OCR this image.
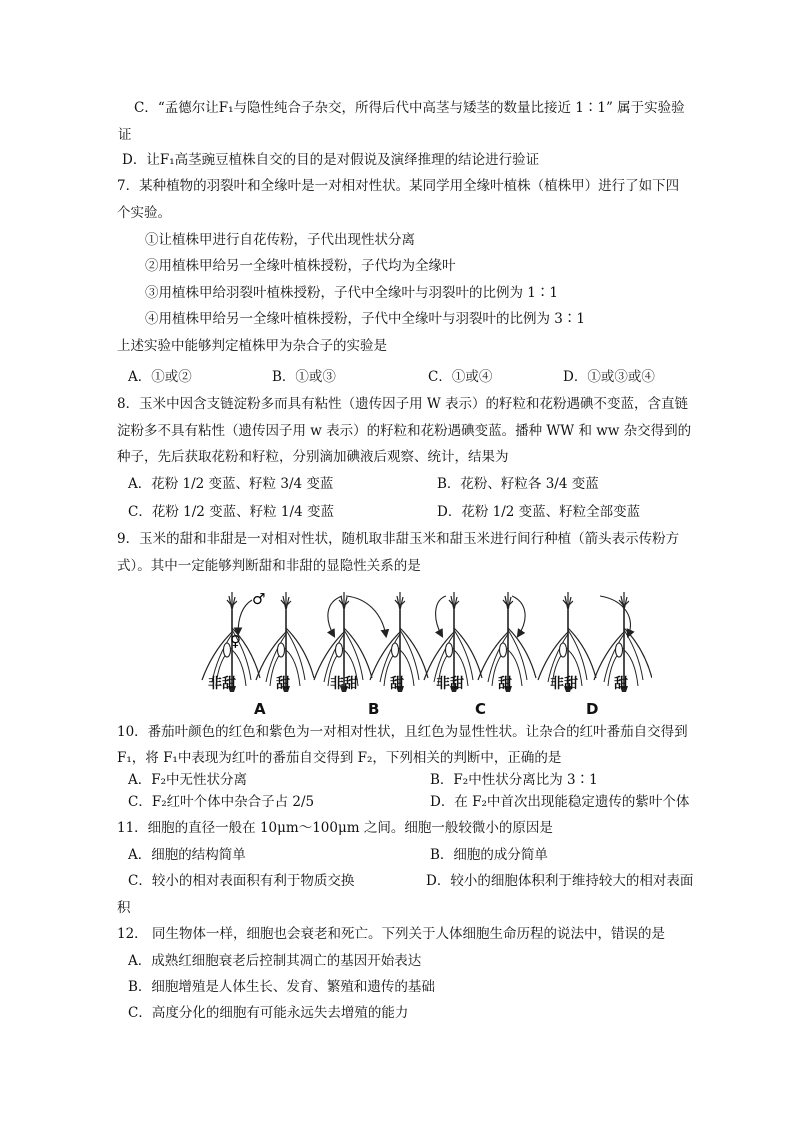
C．“孟德尔让F₁与隐性纯合子杂交，所得后代中高茎与矮茎的数量比接近 1∶1” 属于实验验
证
D．让F₁高茎豌豆植株自交的目的是对假说及演绎推理的结论进行验证
7．某种植物的羽裂叶和全缘叶是一对相对性状。某同学用全缘叶植株（植株甲）进行了如下四
个实验。
①让植株甲进行自花传粉，子代出现性状分离
②用植株甲给另一全缘叶植株授粉，子代均为全缘叶
③用植株甲给羽裂叶植株授粉，子代中全缘叶与羽裂叶的比例为 1∶1
④用植株甲给另一全缘叶植株授粉，子代中全缘叶与羽裂叶的比例为 3∶1
上述实验中能够判定植株甲为杂合子的实验是
A．①或②	B．①或③	C．①或④	D．①或③或④
8．玉米中因含支链淀粉多而具有粘性（遗传因子用 W 表示）的籽粒和花粉遇碘不变蓝，含直链
淀粉多不具有粘性（遗传因子用 w 表示）的籽粒和花粉遇碘变蓝。播种 WW 和 ww 杂交得到的
种子，先后获取花粉和籽粒，分别滴加碘液后观察、统计，结果为
A．花粉 1/2 变蓝、籽粒 3/4 变蓝	B．花粉、籽粒各 3/4 变蓝
C．花粉 1/2 变蓝、籽粒 1/4 变蓝	D．花粉 1/2 变蓝、籽粒全部变蓝
9．玉米的甜和非甜是一对相对性状，随机取非甜玉米和甜玉米进行间行种植（箭头表示传粉方
式）。其中一定能够判断甜和非甜的显隐性关系的是
♂
♀
非甜	甜	非甜 甜 非甜 甜	非甜	甜
A	B	C	D
10．番茄叶颜色的红色和紫色为一对相对性状，且红色为显性性状。让杂合的红叶番茄自交得到
F₁，将 F₁中表现为红叶的番茄自交得到 F₂，下列相关的判断中，正确的是
A．F₂中无性状分离	B．F₂中性状分离比为 3∶1
C．F₂红叶个体中杂合子占 2/5	D．在 F₂中首次出现能稳定遗传的紫叶个体
11．细胞的直径一般在 10μm～100μm 之间。细胞一般较微小的原因是
A．细胞的结构简单	B．细胞的成分简单
C．较小的相对表面积有利于物质交换	D．较小的细胞体积利于维持较大的相对表面
积
12． 同生物体一样，细胞也会衰老和死亡。下列关于人体细胞生命历程的说法中，错误的是
A．成熟红细胞衰老后控制其凋亡的基因开始表达
B．细胞增殖是人体生长、发育、繁殖和遗传的基础
C．高度分化的细胞有可能永远失去增殖的能力
